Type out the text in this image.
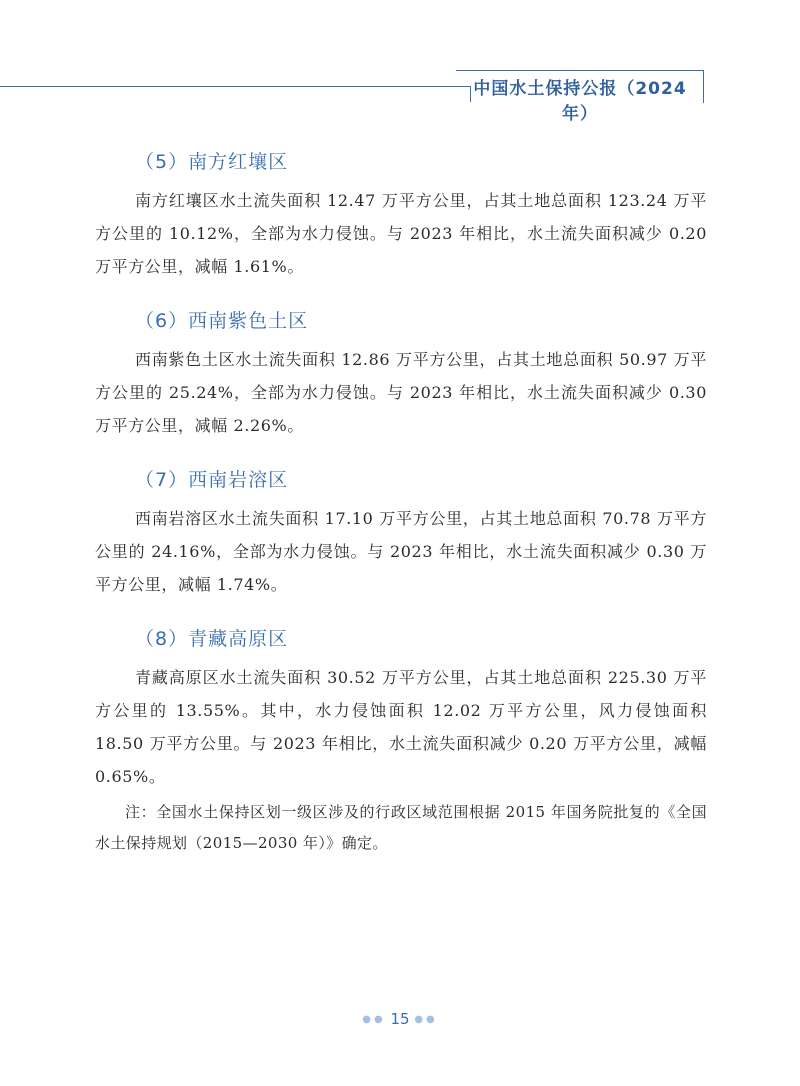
中国水土保持公报（2024 年）
（5）南方红壤区

南方红壤区水土流失面积 12.47 万平方公里，占其土地总面积 123.24 万平方公里的 10.12%，全部为水力侵蚀。与 2023 年相比，水土流失面积减少 0.20 万平方公里，减幅 1.61%。

（6）西南紫色土区

西南紫色土区水土流失面积 12.86 万平方公里，占其土地总面积 50.97 万平方公里的 25.24%，全部为水力侵蚀。与 2023 年相比，水土流失面积减少 0.30 万平方公里，减幅 2.26%。

（7）西南岩溶区

西南岩溶区水土流失面积 17.10 万平方公里，占其土地总面积 70.78 万平方公里的 24.16%，全部为水力侵蚀。与 2023 年相比，水土流失面积减少 0.30 万平方公里，减幅 1.74%。

（8）青藏高原区

青藏高原区水土流失面积 30.52 万平方公里，占其土地总面积 225.30 万平方公里的 13.55%。其中，水力侵蚀面积 12.02 万平方公里，风力侵蚀面积 18.50 万平方公里。与 2023 年相比，水土流失面积减少 0.20 万平方公里，减幅 0.65%。

注：全国水土保持区划一级区涉及的行政区域范围根据 2015 年国务院批复的《全国水土保持规划（2015—2030 年）》确定。

●● 15 ●●
